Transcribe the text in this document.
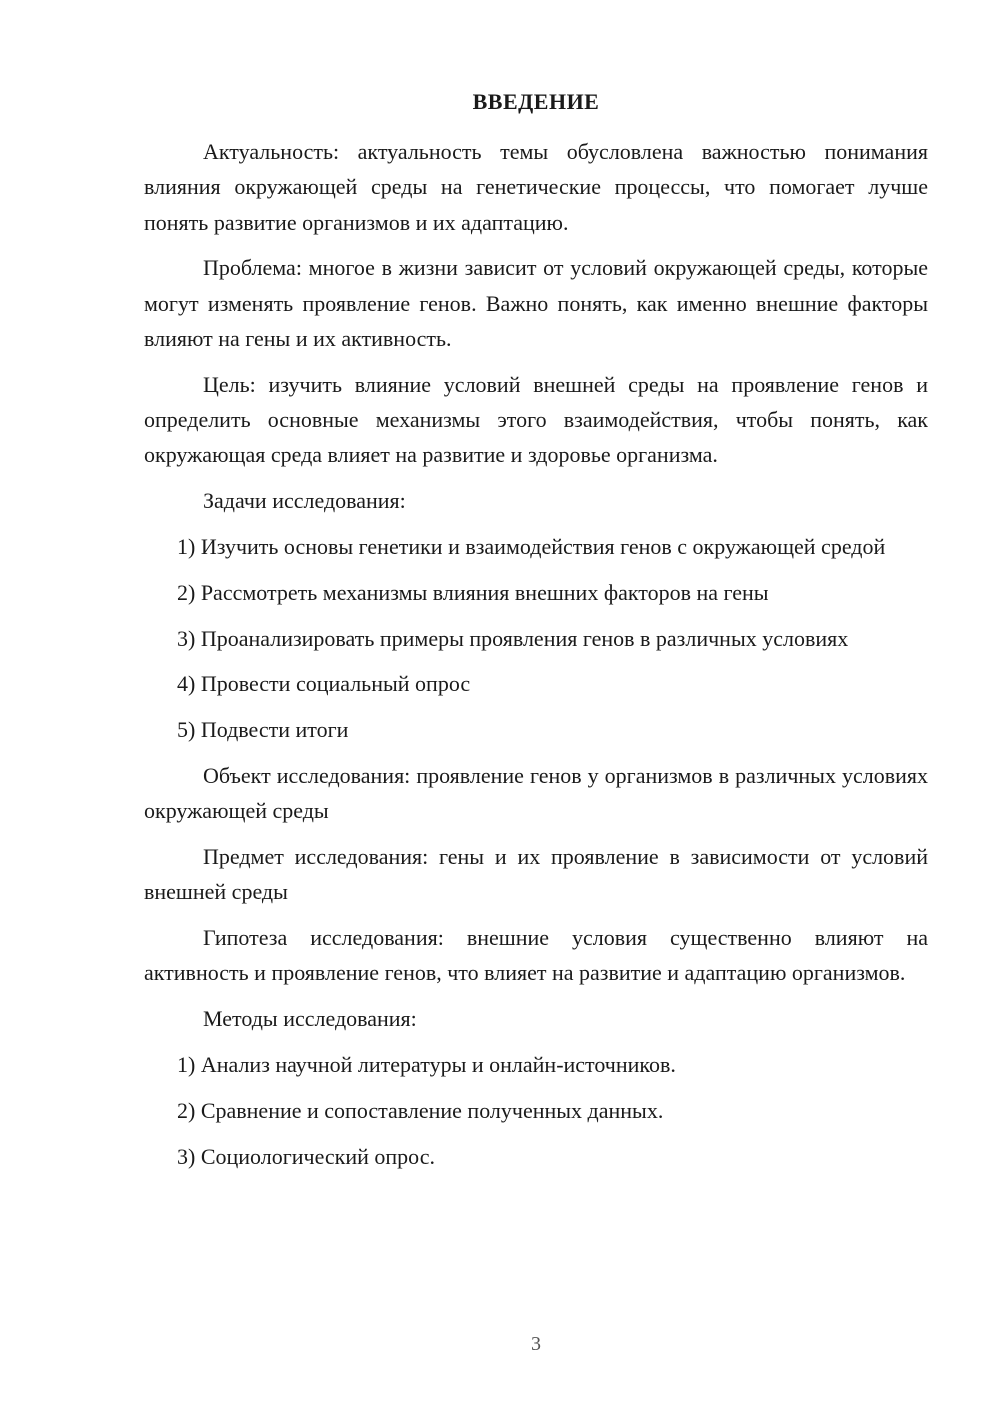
ВВЕДЕНИЕ

Актуальность: актуальность темы обусловлена важностью понимания влияния окружающей среды на генетические процессы, что помогает лучше понять развитие организмов и их адаптацию.

Проблема: многое в жизни зависит от условий окружающей среды, которые могут изменять проявление генов. Важно понять, как именно внешние факторы влияют на гены и их активность.

Цель: изучить влияние условий внешней среды на проявление генов и определить основные механизмы этого взаимодействия, чтобы понять, как окружающая среда влияет на развитие и здоровье организма.

Задачи исследования:

1) Изучить основы генетики и взаимодействия генов с окружающей средой

2) Рассмотреть механизмы влияния внешних факторов на гены

3) Проанализировать примеры проявления генов в различных условиях

4) Провести социальный опрос

5) Подвести итоги

Объект исследования: проявление генов у организмов в различных условиях окружающей среды

Предмет исследования: гены и их проявление в зависимости от условий внешней среды

Гипотеза исследования: внешние условия существенно влияют на активность и проявление генов, что влияет на развитие и адаптацию организмов.

Методы исследования:

1) Анализ научной литературы и онлайн-источников.

2) Сравнение и сопоставление полученных данных.

3) Социологический опрос.

3
